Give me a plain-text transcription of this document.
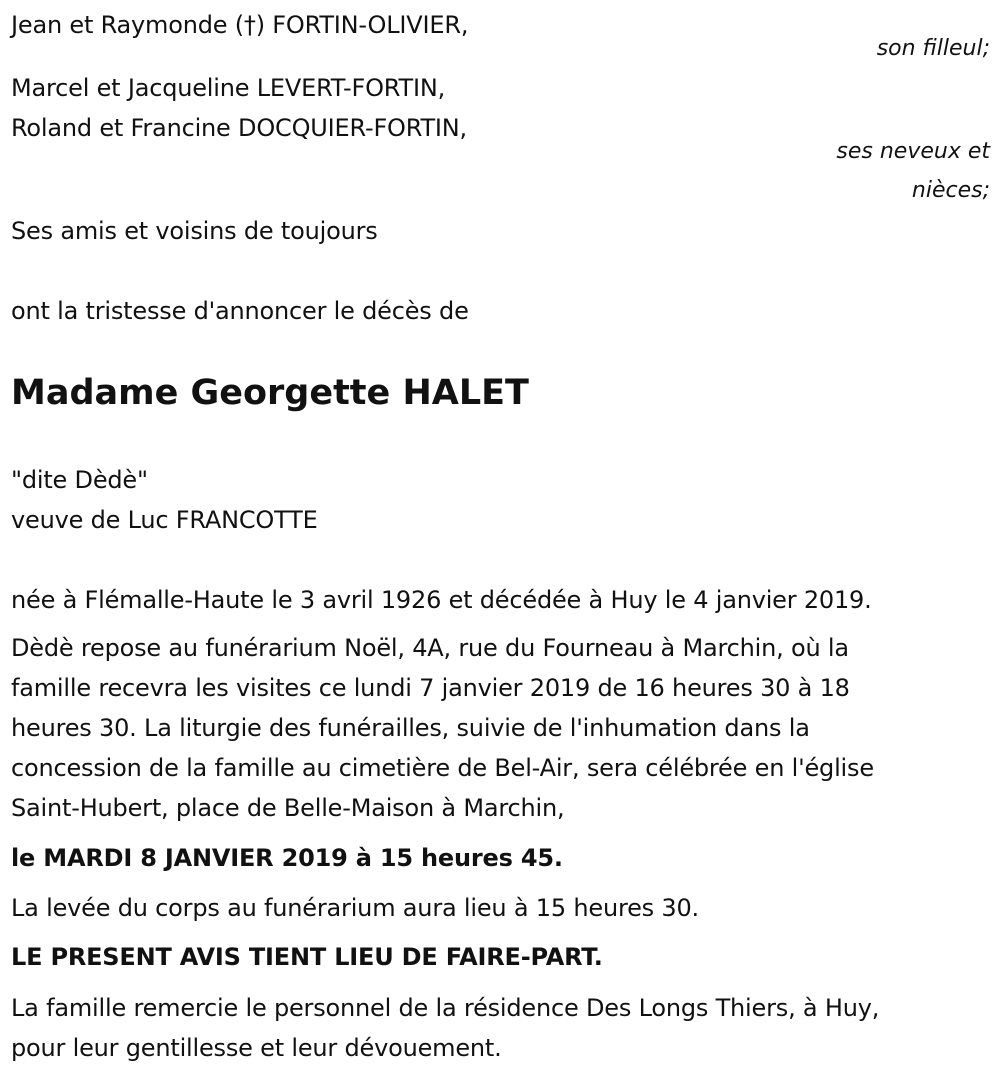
Jean et Raymonde (†) FORTIN-OLIVIER,
son filleul;
Marcel et Jacqueline LEVERT-FORTIN,
Roland et Francine DOCQUIER-FORTIN,
ses neveux et
nièces;
Ses amis et voisins de toujours
ont la tristesse d'annoncer le décès de
Madame Georgette HALET
"dite Dèdè"
veuve de Luc FRANCOTTE
née à Flémalle-Haute le 3 avril 1926 et décédée à Huy le 4 janvier 2019.
Dèdè repose au funérarium Noël, 4A, rue du Fourneau à Marchin, où la
famille recevra les visites ce lundi 7 janvier 2019 de 16 heures 30 à 18
heures 30. La liturgie des funérailles, suivie de l'inhumation dans la
concession de la famille au cimetière de Bel-Air, sera célébrée en l'église
Saint-Hubert, place de Belle-Maison à Marchin,
le MARDI 8 JANVIER 2019 à 15 heures 45.
La levée du corps au funérarium aura lieu à 15 heures 30.
LE PRESENT AVIS TIENT LIEU DE FAIRE-PART.
La famille remercie le personnel de la résidence Des Longs Thiers, à Huy,
pour leur gentillesse et leur dévouement.
